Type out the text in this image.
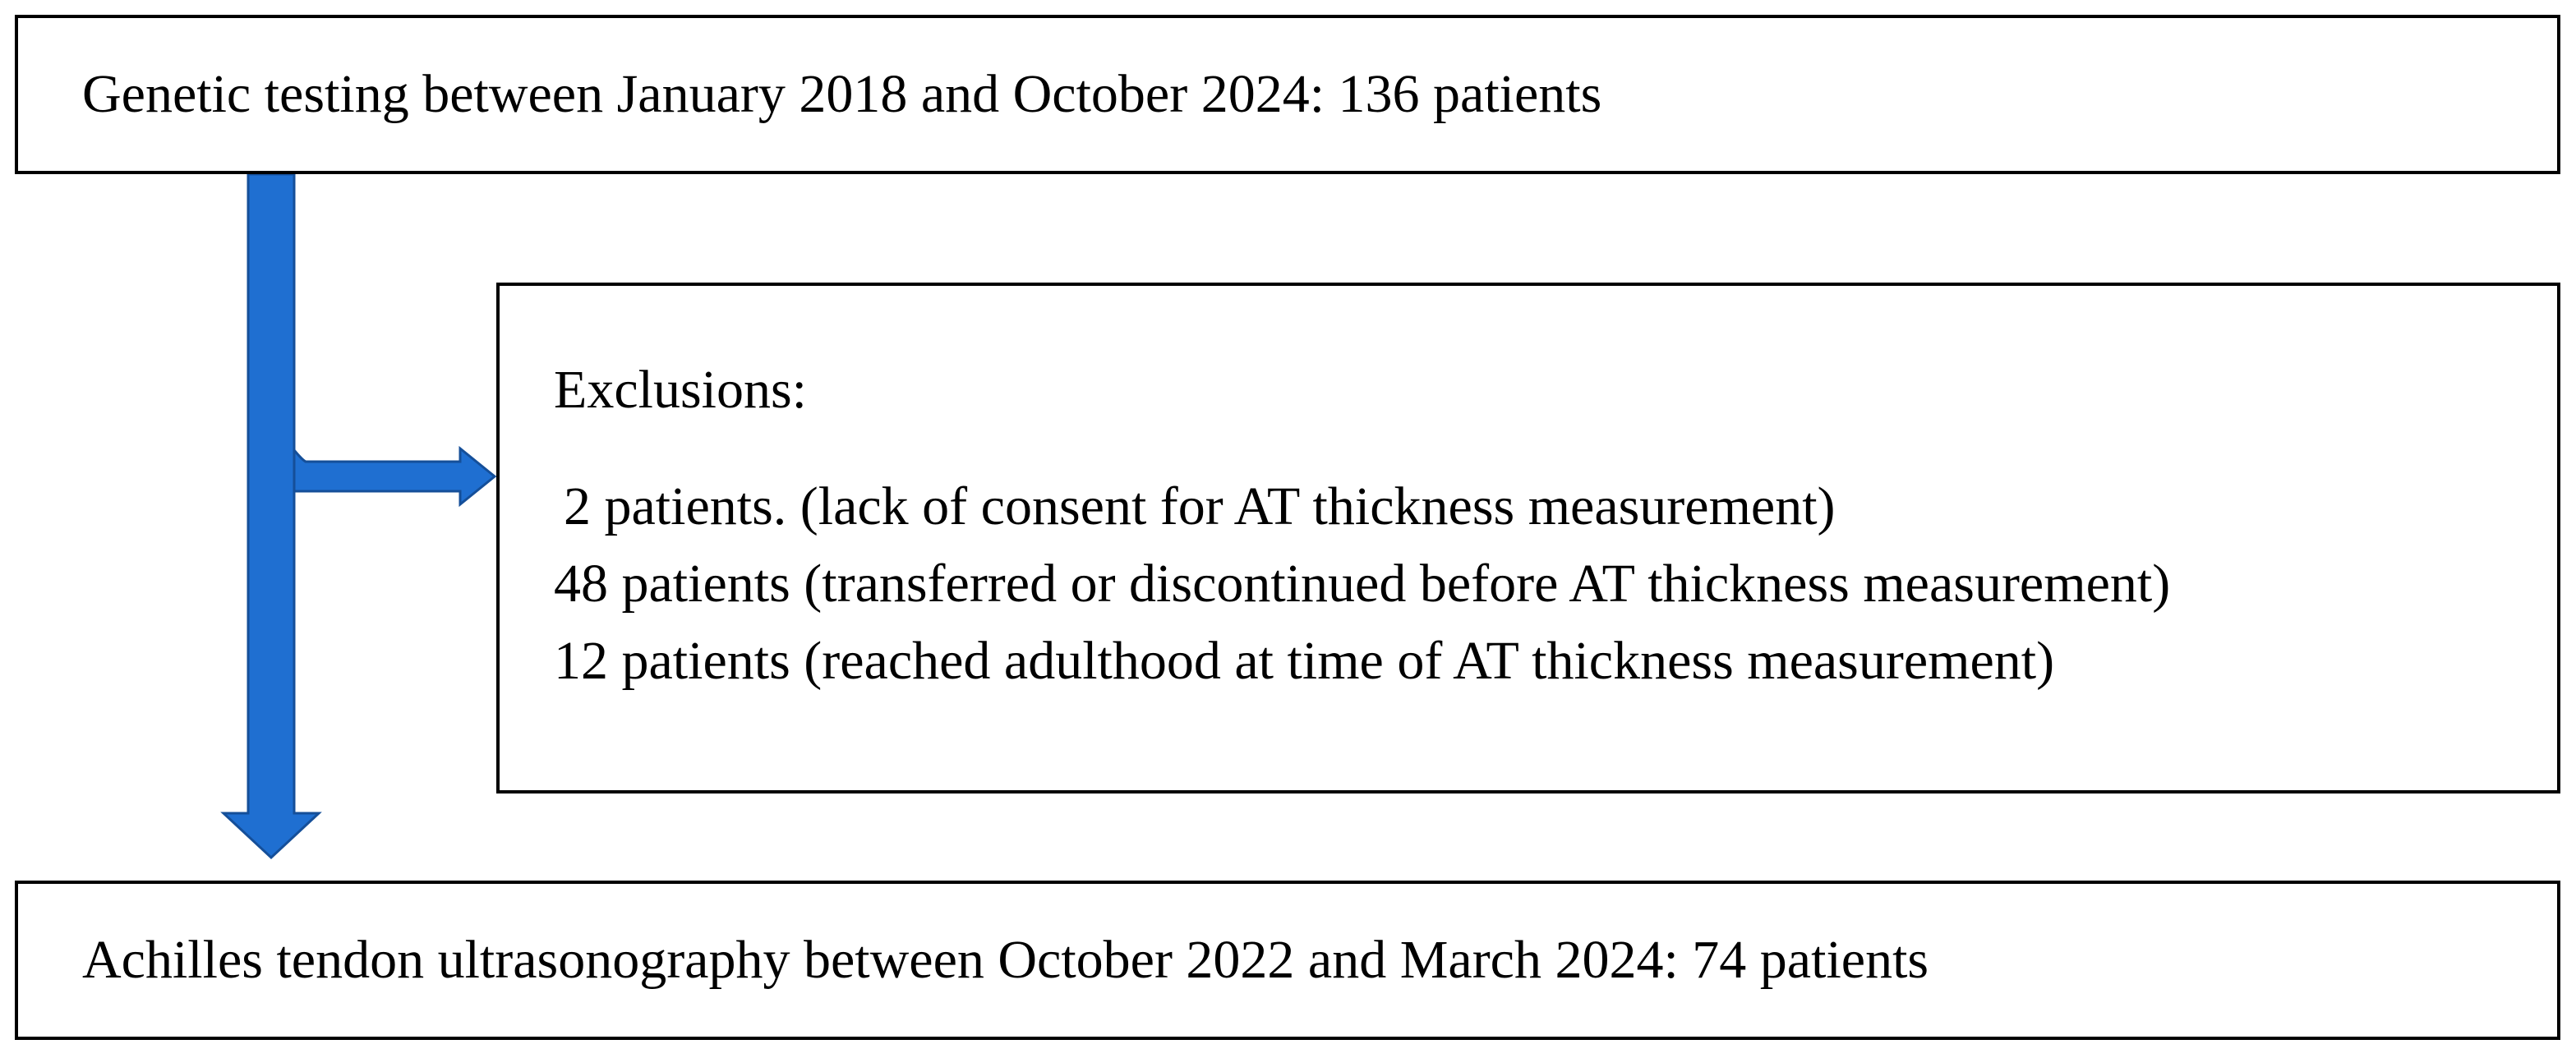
Genetic testing between January 2018 and October 2024: 136 patients
Exclusions:
2 patients. (lack of consent for AT thickness measurement)
48 patients (transferred or discontinued before AT thickness measurement)
12 patients (reached adulthood at time of AT thickness measurement)
Achilles tendon ultrasonography between October 2022 and March 2024: 74 patients
